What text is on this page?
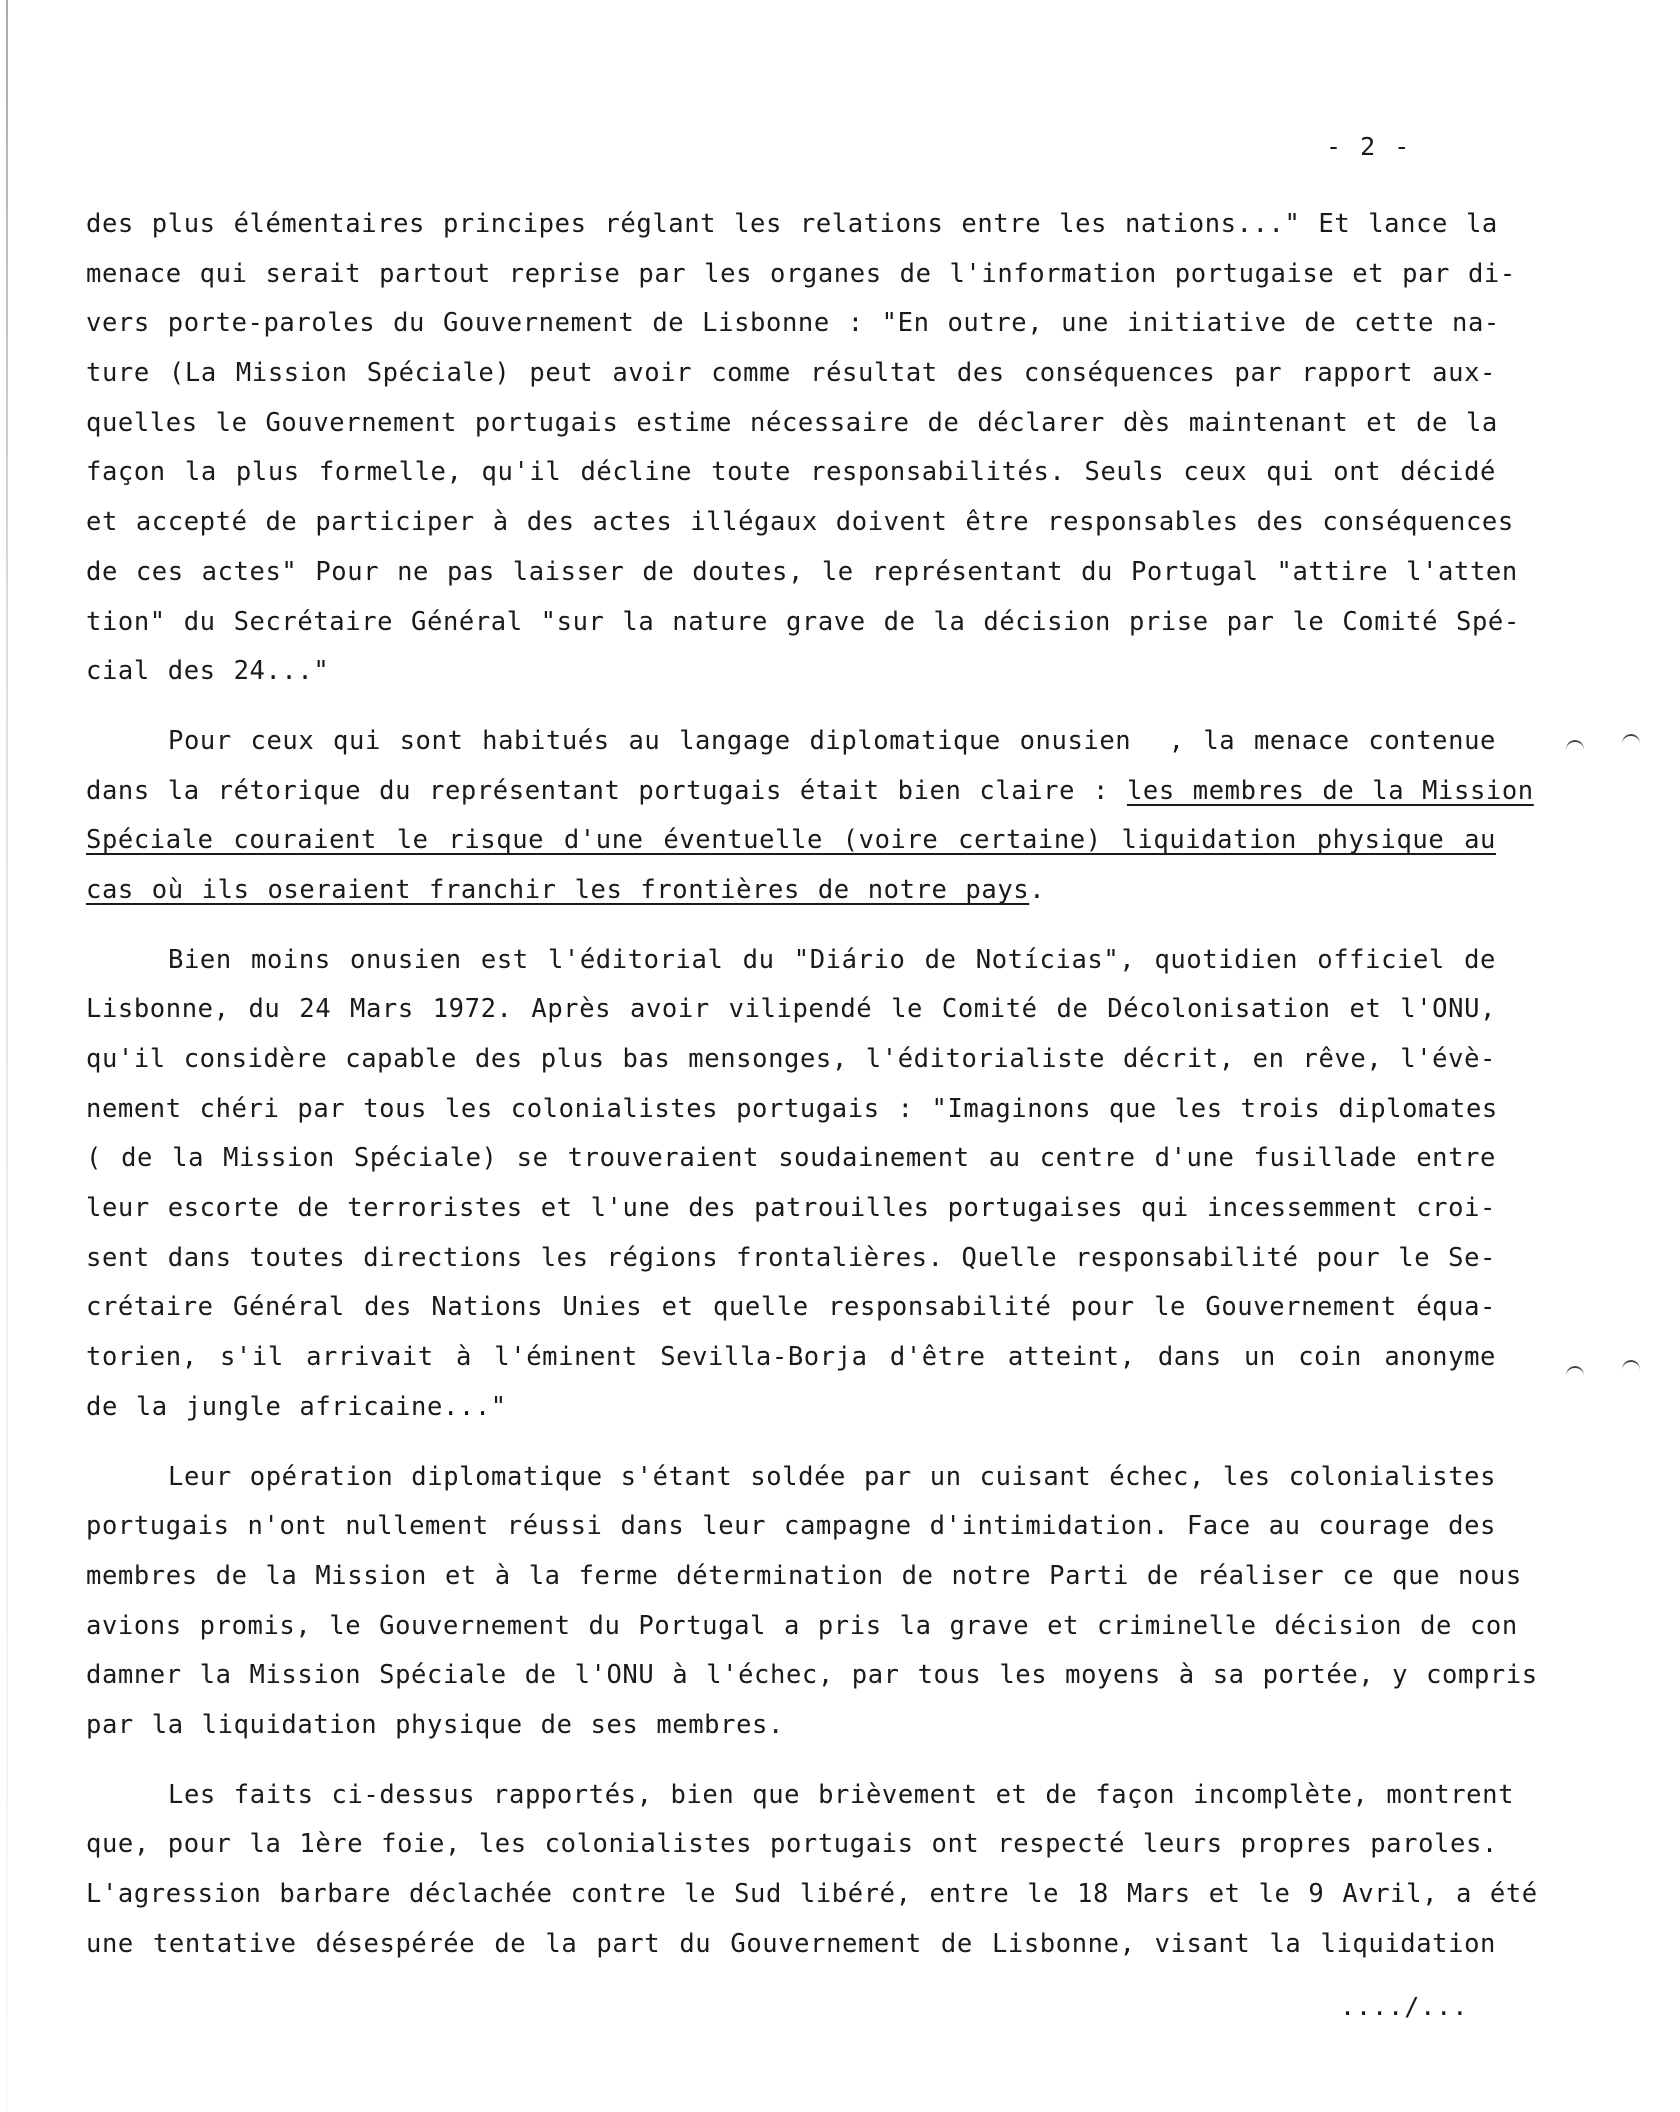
- 2 -
des plus élémentaires principes réglant les relations entre les nations..." Et lance la
menace qui serait partout reprise par les organes de l'information portugaise et par di-
vers porte-paroles du Gouvernement de Lisbonne : "En outre, une initiative de cette na-
ture (La Mission Spéciale) peut avoir comme résultat des conséquences par rapport aux-
quelles le Gouvernement portugais estime nécessaire de déclarer dès maintenant et de la
façon la plus formelle, qu'il décline toute responsabilités. Seuls ceux qui ont décidé
et accepté de participer à des actes illégaux doivent être responsables des conséquences
de ces actes" Pour ne pas laisser de doutes, le représentant du Portugal "attire l'atten
tion" du Secrétaire Général "sur la nature grave de la décision prise par le Comité Spé-
cial des 24..."
Pour ceux qui sont habitués au langage diplomatique onusien  , la menace contenue
dans la rétorique du représentant portugais était bien claire : les membres de la Mission
Spéciale couraient le risque d'une éventuelle (voire certaine) liquidation physique au
cas où ils oseraient franchir les frontières de notre pays.
Bien moins onusien est l'éditorial du "Diário de Notícias", quotidien officiel de
Lisbonne, du 24 Mars 1972. Après avoir vilipendé le Comité de Décolonisation et l'ONU,
qu'il considère capable des plus bas mensonges, l'éditorialiste décrit, en rêve, l'évè-
nement chéri par tous les colonialistes portugais : "Imaginons que les trois diplomates
( de la Mission Spéciale) se trouveraient soudainement au centre d'une fusillade entre
leur escorte de terroristes et l'une des patrouilles portugaises qui incessemment croi-
sent dans toutes directions les régions frontalières. Quelle responsabilité pour le Se-
crétaire Général des Nations Unies et quelle responsabilité pour le Gouvernement équa-
torien, s'il arrivait à l'éminent Sevilla-Borja d'être atteint, dans un coin anonyme
de la jungle africaine..."
Leur opération diplomatique s'étant soldée par un cuisant échec, les colonialistes
portugais n'ont nullement réussi dans leur campagne d'intimidation. Face au courage des
membres de la Mission et à la ferme détermination de notre Parti de réaliser ce que nous
avions promis, le Gouvernement du Portugal a pris la grave et criminelle décision de con
damner la Mission Spéciale de l'ONU à l'échec, par tous les moyens à sa portée, y compris
par la liquidation physique de ses membres.
Les faits ci-dessus rapportés, bien que brièvement et de façon incomplète, montrent
que, pour la 1ère foie, les colonialistes portugais ont respecté leurs propres paroles.
L'agression barbare déclachée contre le Sud libéré, entre le 18 Mars et le 9 Avril, a été
une tentative désespérée de la part du Gouvernement de Lisbonne, visant la liquidation
..../...
